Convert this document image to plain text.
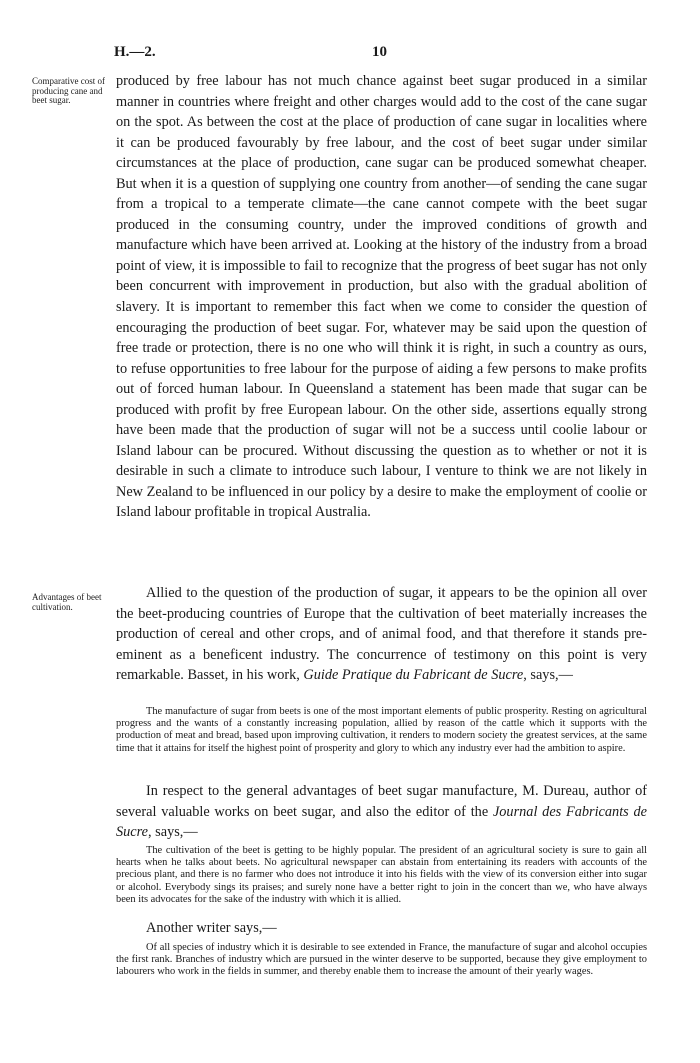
H.—2.	10
Comparative cost of producing cane and beet sugar.

produced by free labour has not much chance against beet sugar produced in a similar manner in countries where freight and other charges would add to the cost of the cane sugar on the spot. As between the cost at the place of production of cane sugar in localities where it can be produced favourably by free labour, and the cost of beet sugar under similar circumstances at the place of production, cane sugar can be produced somewhat cheaper. But when it is a question of supplying one country from another—of sending the cane sugar from a tropical to a temperate climate—the cane cannot compete with the beet sugar produced in the consuming country, under the improved conditions of growth and manufacture which have been arrived at. Looking at the history of the industry from a broad point of view, it is impossible to fail to recognize that the progress of beet sugar has not only been concurrent with improvement in production, but also with the gradual abolition of slavery. It is important to remember this fact when we come to consider the question of encouraging the production of beet sugar. For, whatever may be said upon the question of free trade or protection, there is no one who will think it is right, in such a country as ours, to refuse opportunities to free labour for the purpose of aiding a few persons to make profits out of forced human labour. In Queensland a statement has been made that sugar can be produced with profit by free European labour. On the other side, assertions equally strong have been made that the production of sugar will not be a success until coolie labour or Island labour can be procured. Without discussing the question as to whether or not it is desirable in such a climate to introduce such labour, I venture to think we are not likely in New Zealand to be influenced in our policy by a desire to make the employment of coolie or Island labour profitable in tropical Australia.

Advantages of beet cultivation.

Allied to the question of the production of sugar, it appears to be the opinion all over the beet-producing countries of Europe that the cultivation of beet materially increases the production of cereal and other crops, and of animal food, and that therefore it stands pre-eminent as a beneficent industry. The concurrence of testimony on this point is very remarkable. Basset, in his work, Guide Pratique du Fabricant de Sucre, says,—

The manufacture of sugar from beets is one of the most important elements of public prosperity. Resting on agricultural progress and the wants of a constantly increasing population, allied by reason of the cattle which it supports with the production of meat and bread, based upon improving cultivation, it renders to modern society the greatest services, at the same time that it attains for itself the highest point of prosperity and glory to which any industry ever had the ambition to aspire.

In respect to the general advantages of beet sugar manufacture, M. Dureau, author of several valuable works on beet sugar, and also the editor of the Journal des Fabricants de Sucre, says,—

The cultivation of the beet is getting to be highly popular. The president of an agricultural society is sure to gain all hearts when he talks about beets. No agricultural newspaper can abstain from entertaining its readers with accounts of the precious plant, and there is no farmer who does not introduce it into his fields with the view of its conversion either into sugar or alcohol. Everybody sings its praises; and surely none have a better right to join in the concert than we, who have always been its advocates for the sake of the industry with which it is allied.

Another writer says,—

Of all species of industry which it is desirable to see extended in France, the manufacture of sugar and alcohol occupies the first rank. Branches of industry which are pursued in the winter deserve to be supported, because they give employment to labourers who work in the fields in summer, and thereby enable them to increase the amount of their yearly wages.
